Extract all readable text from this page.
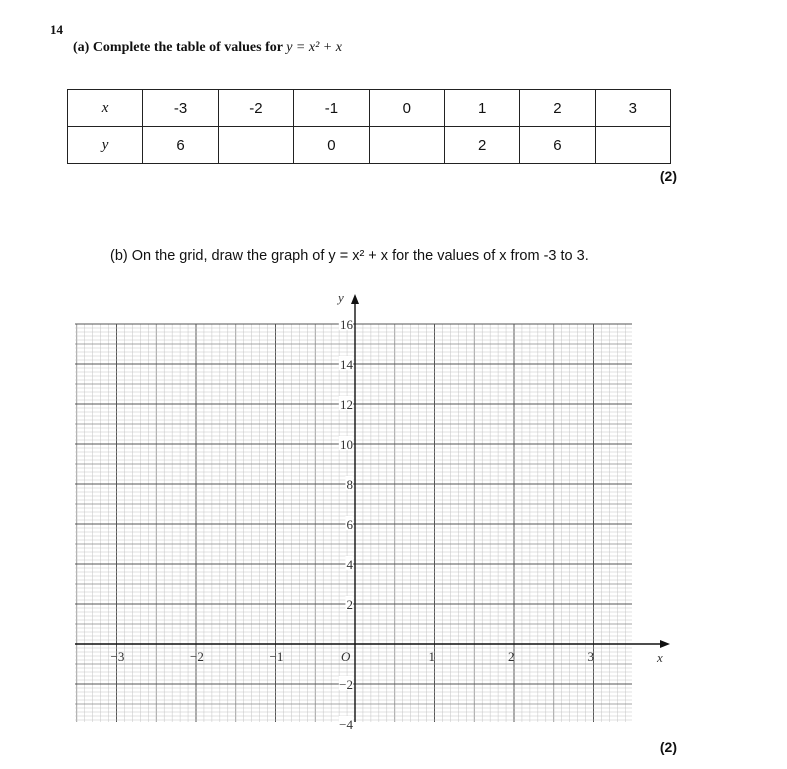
14
(a) Complete the table of values for y = x² + x
x	-3	-2	-1	0	1	2	3
y	6		0		2	6	
(2)
(b) On the grid, draw the graph of y = x² + x for the values of x from -3 to 3.
x
y
−3	−2	−1	O	1	2	3
−4
−2
2
4
6
8
10
12
14
16
(2)
